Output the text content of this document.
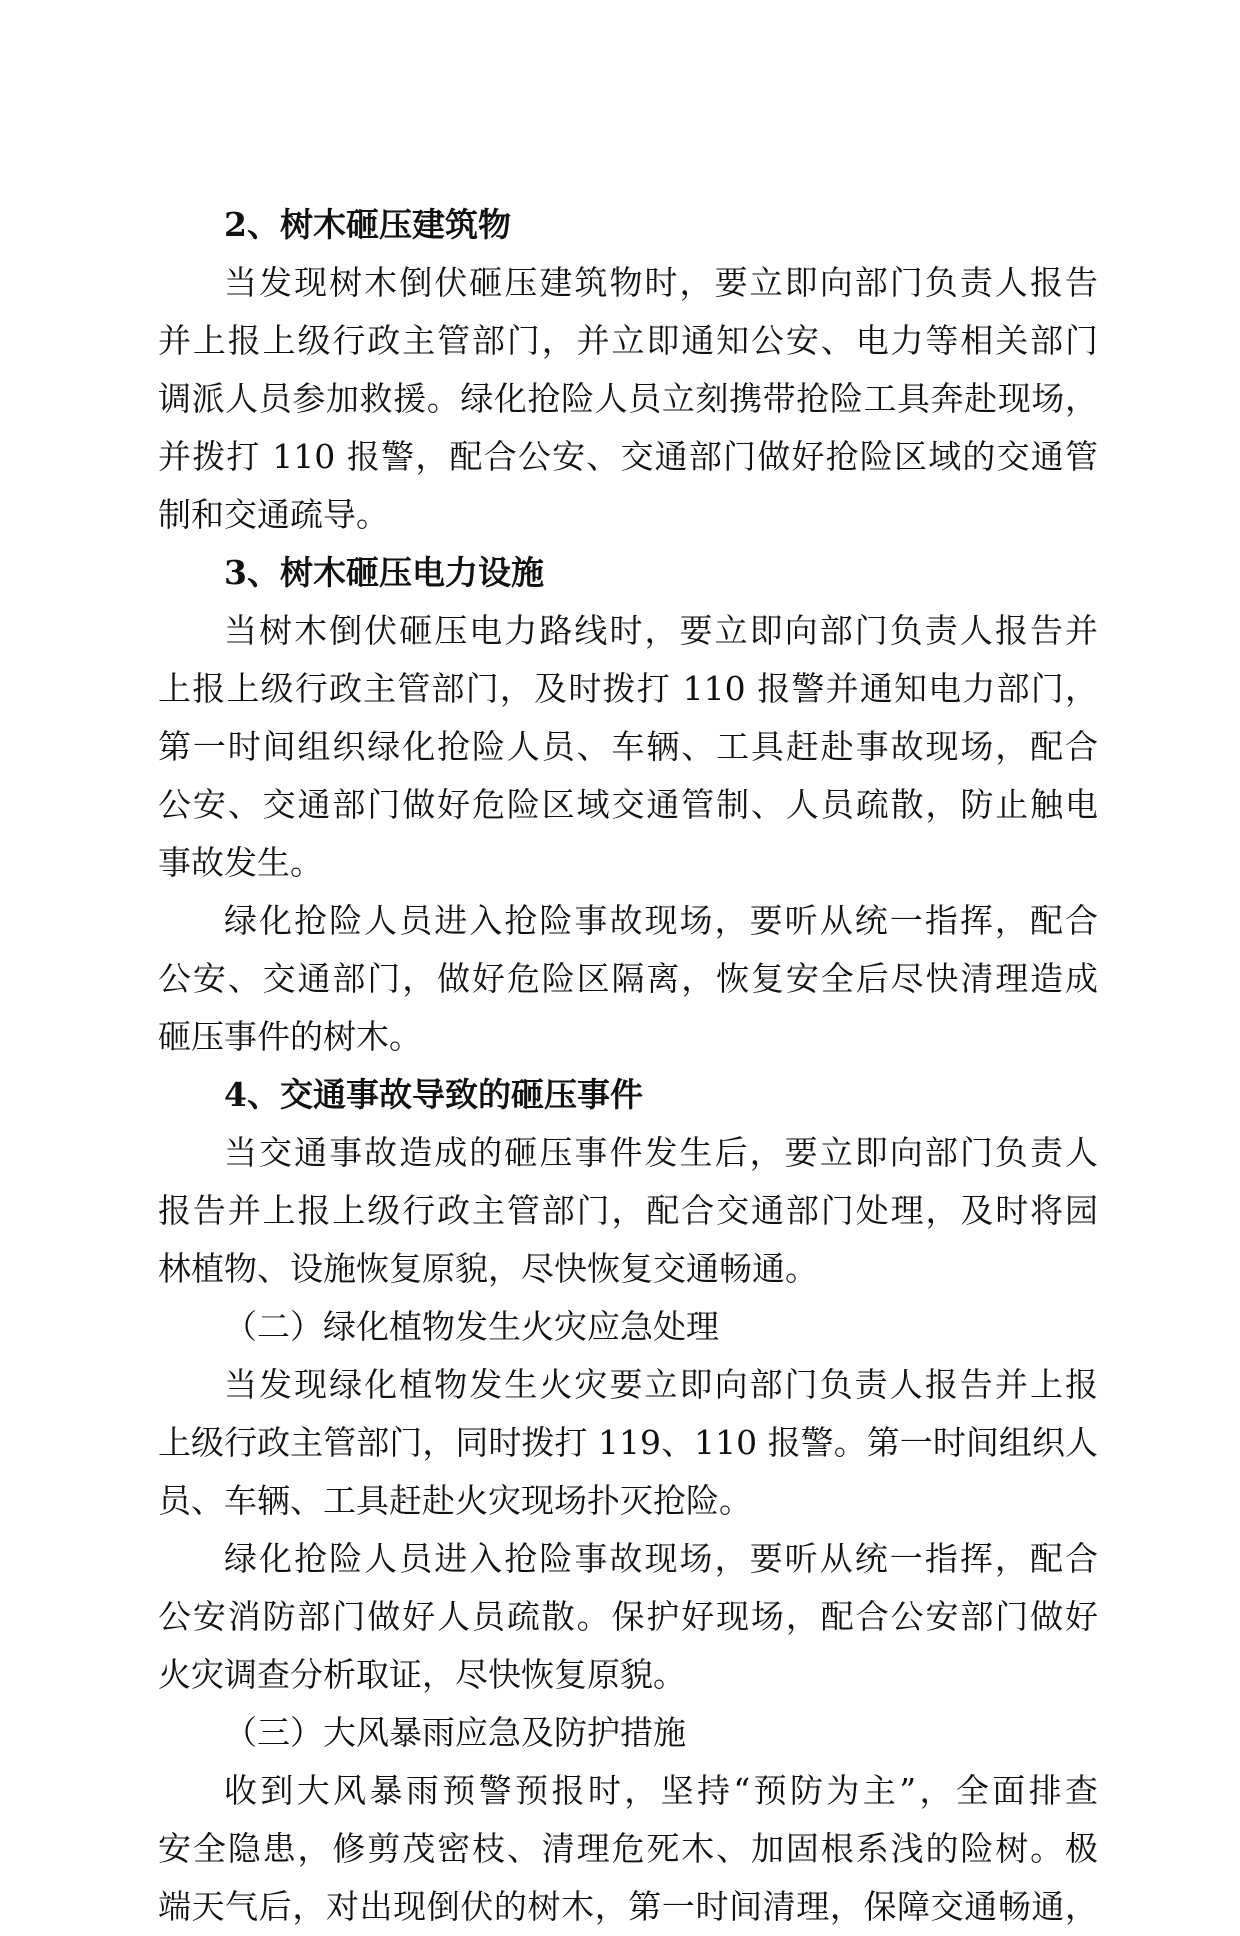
2、树木砸压建筑物
当发现树木倒伏砸压建筑物时，要立即向部门负责人报告
并上报上级行政主管部门，并立即通知公安、电力等相关部门
调派人员参加救援。绿化抢险人员立刻携带抢险工具奔赴现场，
并拨打 110 报警，配合公安、交通部门做好抢险区域的交通管
制和交通疏导。
3、树木砸压电力设施
当树木倒伏砸压电力路线时，要立即向部门负责人报告并
上报上级行政主管部门，及时拨打 110 报警并通知电力部门，
第一时间组织绿化抢险人员、车辆、工具赶赴事故现场，配合
公安、交通部门做好危险区域交通管制、人员疏散，防止触电
事故发生。
绿化抢险人员进入抢险事故现场，要听从统一指挥，配合
公安、交通部门，做好危险区隔离，恢复安全后尽快清理造成
砸压事件的树木。
4、交通事故导致的砸压事件
当交通事故造成的砸压事件发生后，要立即向部门负责人
报告并上报上级行政主管部门，配合交通部门处理，及时将园
林植物、设施恢复原貌，尽快恢复交通畅通。
（二）绿化植物发生火灾应急处理
当发现绿化植物发生火灾要立即向部门负责人报告并上报
上级行政主管部门，同时拨打 119、110 报警。第一时间组织人
员、车辆、工具赶赴火灾现场扑灭抢险。
绿化抢险人员进入抢险事故现场，要听从统一指挥，配合
公安消防部门做好人员疏散。保护好现场，配合公安部门做好
火灾调查分析取证，尽快恢复原貌。
（三）大风暴雨应急及防护措施
收到大风暴雨预警预报时，坚持“预防为主”，全面排查
安全隐患，修剪茂密枝、清理危死木、加固根系浅的险树。极
端天气后，对出现倒伏的树木，第一时间清理，保障交通畅通，
